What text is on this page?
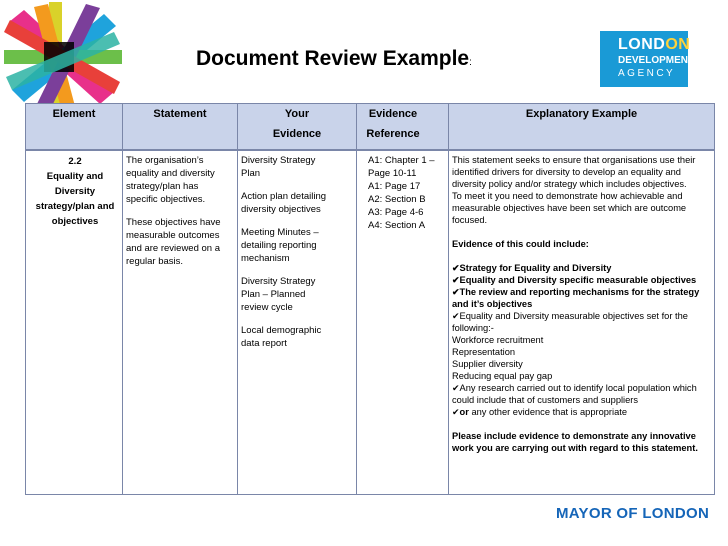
Document Review Example:
LONDON
DEVELOPMENT
AGENCY
Element	Statement	Your
Evidence
Evidence
Reference
Explanatory Example
2.2
Equality and
Diversity
strategy/plan and
objectives

The organisation’s equality and diversity strategy/plan has specific objectives.

These objectives have measurable outcomes and are reviewed on a regular basis.

Diversity Strategy Plan

Action plan detailing diversity objectives

Meeting Minutes – detailing reporting mechanism

Diversity Strategy Plan – Planned review cycle

Local demographic data report

A1: Chapter 1 –
Page 10-11
A1: Page 17
A2: Section B
A3: Page 4-6
A4: Section A
This statement seeks to ensure that organisations use their identified drivers for diversity to develop an equality and diversity policy and/or strategy which includes objectives.
To meet it you need to demonstrate how achievable and measurable objectives have been set which are outcome focused.
Evidence of this could include:
✔Strategy for Equality and Diversity
✔Equality and Diversity specific measurable objectives
✔The review and reporting mechanisms for the strategy and it’s objectives
✔Equality and Diversity measurable objectives set for the following:-
Workforce recruitment
Representation
Supplier diversity
Reducing equal pay gap
✔Any research carried out to identify local population which could include that of customers and suppliers
✔or any other evidence that is appropriate
Please include evidence to demonstrate any innovative work you are carrying out with regard to this statement.
MAYOR OF LONDON
